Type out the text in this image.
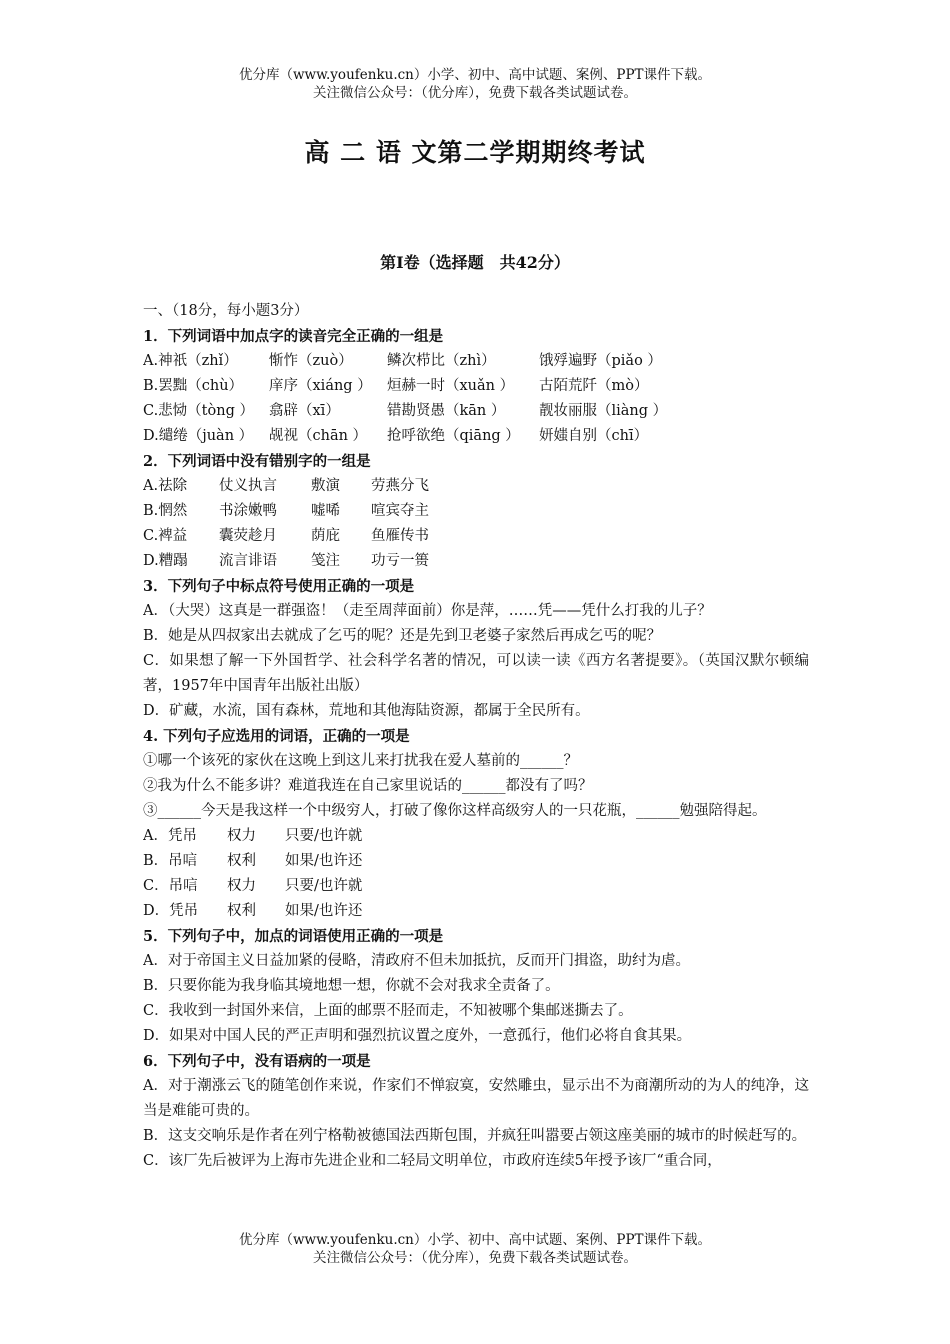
优分库（www.youfenku.cn）小学、初中、高中试题、案例、PPT课件下载。
关注微信公众号：（优分库），免费下载各类试题试卷。
高 二 语 文第二学期期终考试
第Ⅰ卷（选择题　共42分）
一、（18分，每小题3分）
1．下列词语中加点字的读音完全正确的一组是
A.神祇（zhǐ） 惭怍（zuò） 鳞次栉比（zhì）	饿殍遍野（piǎo ）
B.罢黜（chù） 庠序（xiáng ） 烜赫一时（xuǎn ） 古陌荒阡（mò）
C.悲恸（tòng ） 翕辟（xī）	错勘贤愚（kān ） 靓妆丽服（liàng ）
D.缱绻（juàn ） 觇视（chān ） 抢呼欲绝（qiāng ） 妍媸自别（chī）
2．下列词语中没有错别字的一组是
A.祛除 仗义执言 敷演 劳燕分飞
B.惘然 书涂嫩鸭 嘘唏 喧宾夺主
C.裨益 囊荧趁月 荫庇 鱼雁传书
D.糟蹋 流言诽语 笺注 功亏一篑
3．下列句子中标点符号使用正确的一项是
A．（大哭）这真是一群强盗！（走至周萍面前）你是萍，……凭——凭什么打我的儿子？
B．她是从四叔家出去就成了乞丐的呢？还是先到卫老婆子家然后再成乞丐的呢？
C．如果想了解一下外国哲学、社会科学名著的情况，可以读一读《西方名著提要》。（英国汉默尔顿编著，1957年中国青年出版社出版）
D．矿藏，水流，国有森林，荒地和其他海陆资源，都属于全民所有。
4. 下列句子应选用的词语，正确的一项是
①哪一个该死的家伙在这晚上到这儿来打扰我在爱人墓前的______？
②我为什么不能多讲？难道我连在自己家里说话的______都没有了吗？
③______今天是我这样一个中级穷人，打破了像你这样高级穷人的一只花瓶，______勉强陪得起。
A．凭吊 权力 只要/也许就
B．吊唁 权利 如果/也许还
C．吊唁 权力 只要/也许就
D．凭吊 权利 如果/也许还
5．下列句子中，加点的词语使用正确的一项是
A．对于帝国主义日益加紧的侵略，清政府不但未加抵抗，反而开门揖盗，助纣为虐。
B．只要你能为我身临其境地想一想，你就不会对我求全责备了。
C．我收到一封国外来信，上面的邮票不胫而走，不知被哪个集邮迷撕去了。
D．如果对中国人民的严正声明和强烈抗议置之度外，一意孤行，他们必将自食其果。
6．下列句子中，没有语病的一项是
A．对于潮涨云飞的随笔创作来说，作家们不惮寂寞，安然雕虫，显示出不为商潮所动的为人的纯净，这当是难能可贵的。
B．这支交响乐是作者在列宁格勒被德国法西斯包围，并疯狂叫嚣要占领这座美丽的城市的时候赶写的。
C．该厂先后被评为上海市先进企业和二轻局文明单位，市政府连续5年授予该厂“重合同，
优分库（www.youfenku.cn）小学、初中、高中试题、案例、PPT课件下载。
关注微信公众号：（优分库），免费下载各类试题试卷。
